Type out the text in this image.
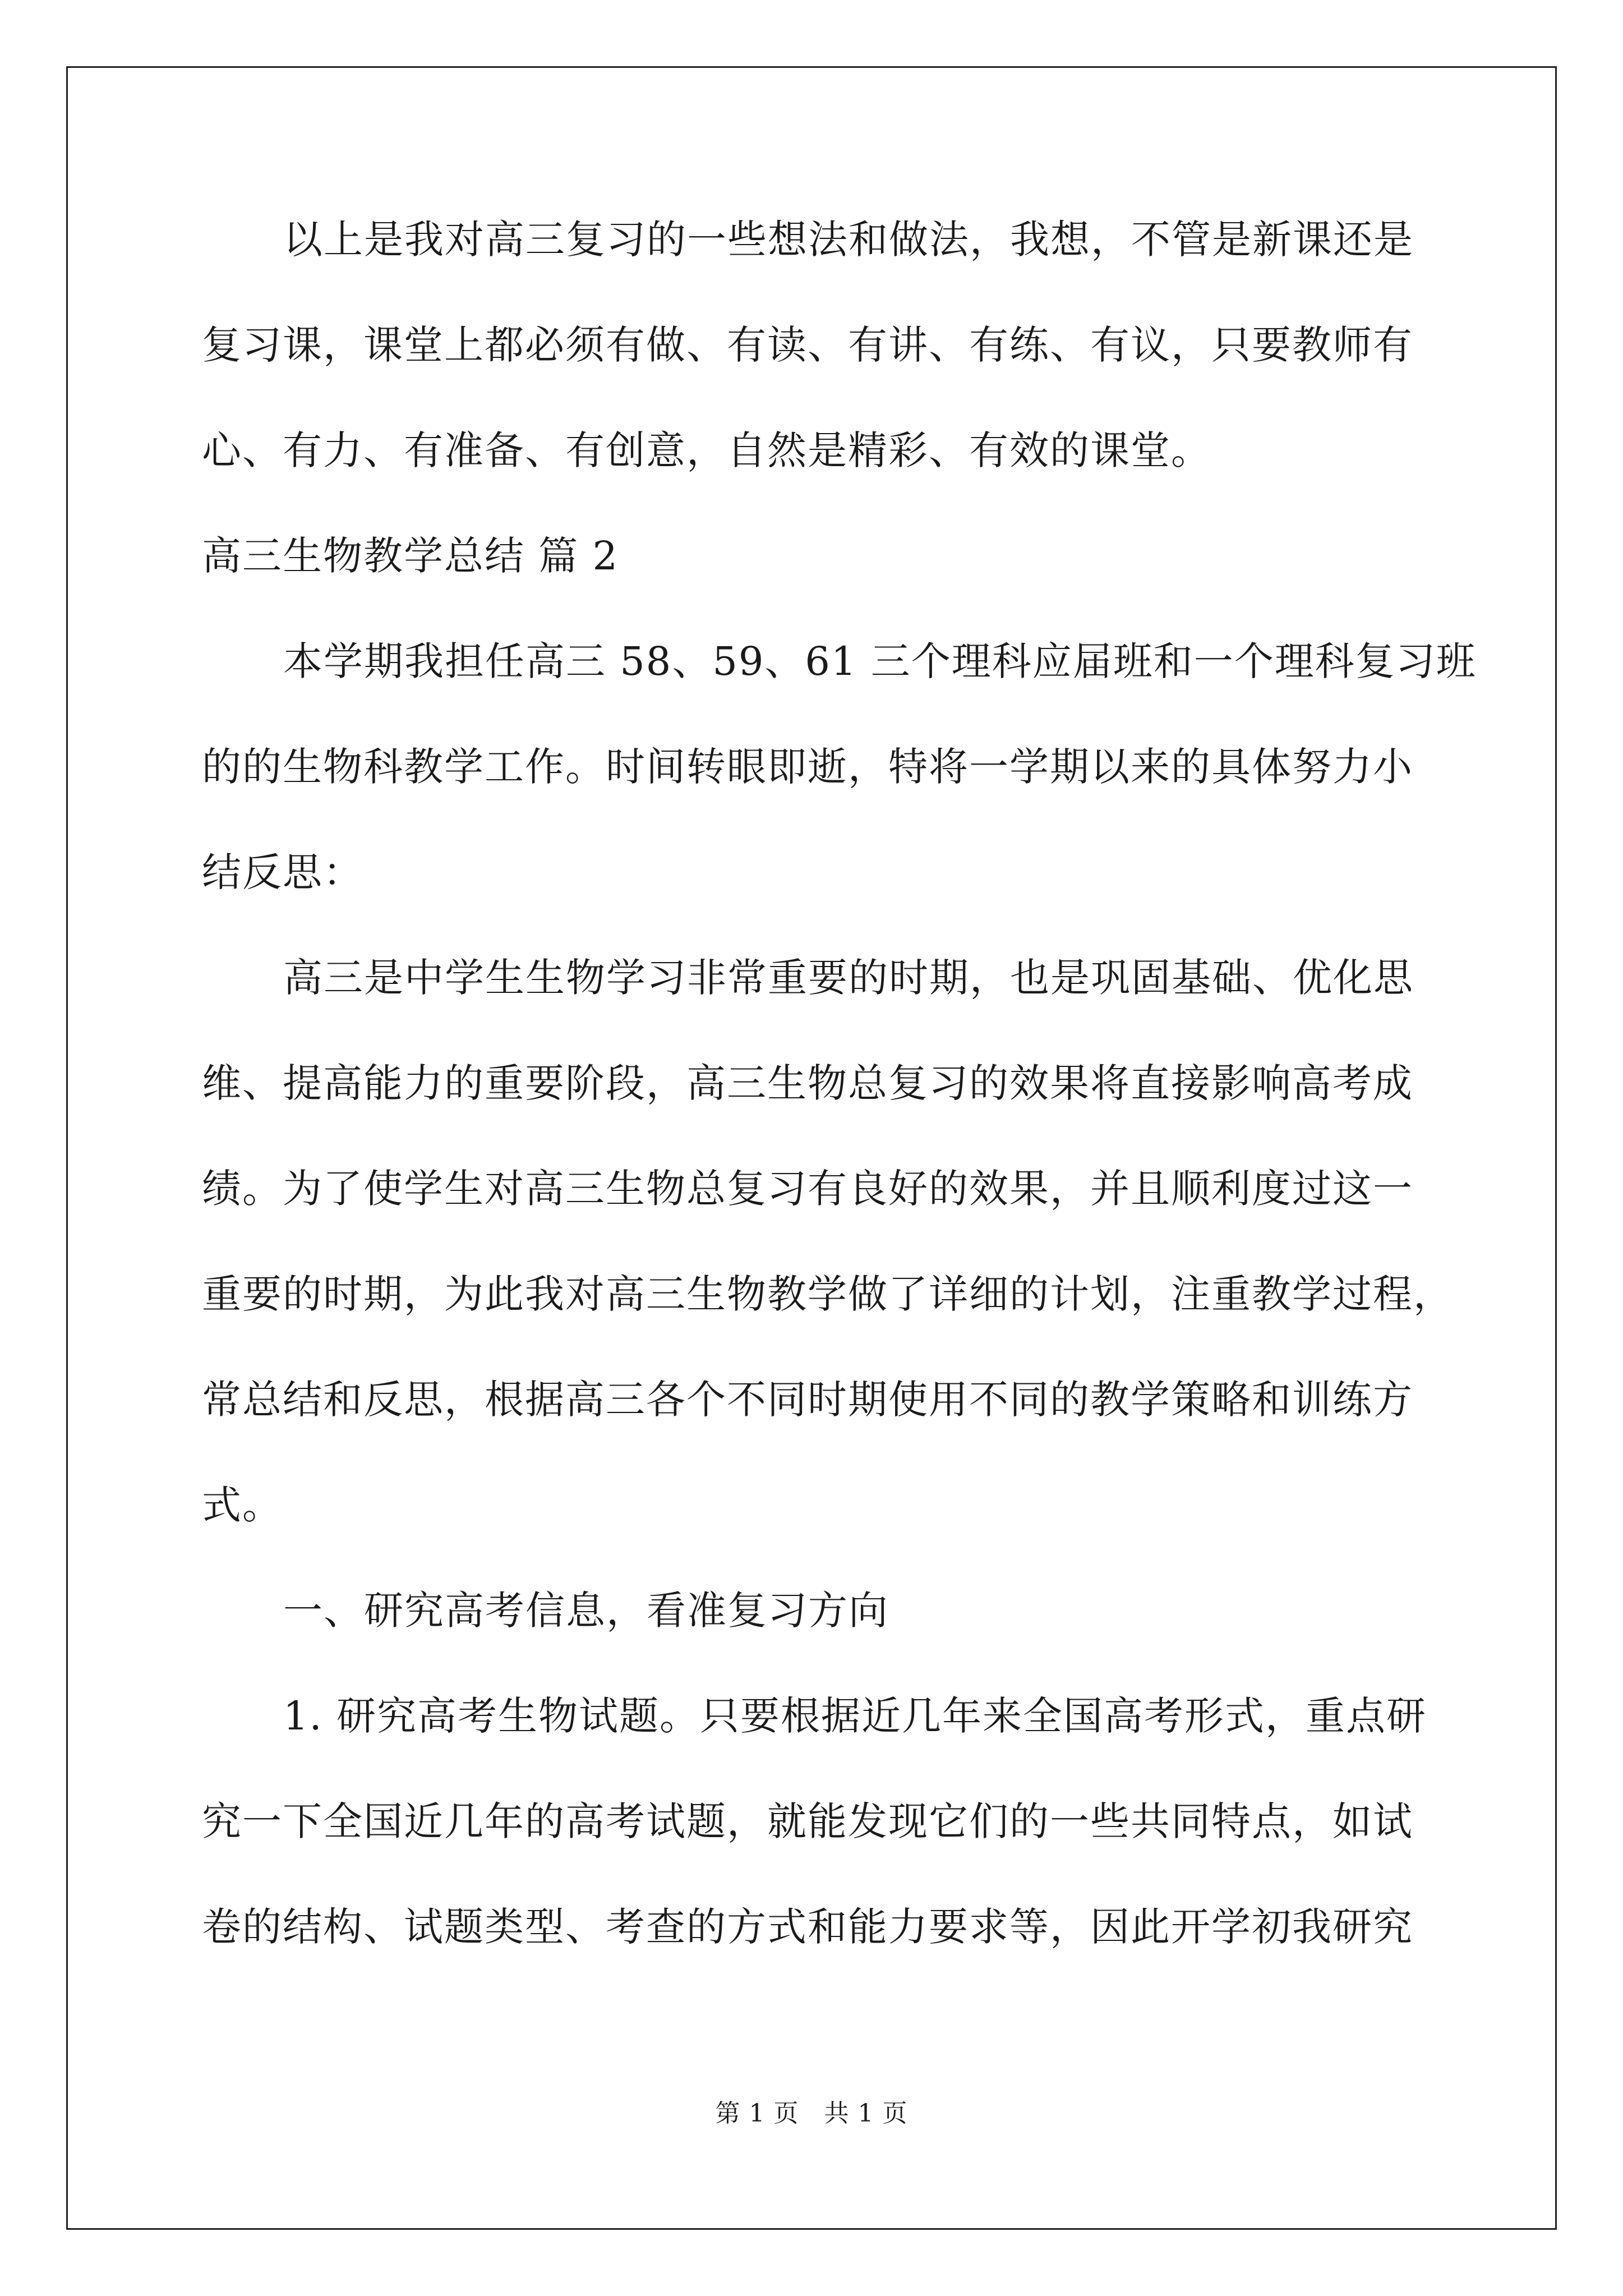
以上是我对高三复习的一些想法和做法，我想，不管是新课还是
复习课，课堂上都必须有做、有读、有讲、有练、有议，只要教师有
心、有力、有准备、有创意，自然是精彩、有效的课堂。
高三生物教学总结 篇 2
本学期我担任高三 58、59、61 三个理科应届班和一个理科复习班
的的生物科教学工作。时间转眼即逝，特将一学期以来的具体努力小
结反思：
高三是中学生生物学习非常重要的时期，也是巩固基础、优化思
维、提高能力的重要阶段，高三生物总复习的效果将直接影响高考成
绩。为了使学生对高三生物总复习有良好的效果，并且顺利度过这一
重要的时期，为此我对高三生物教学做了详细的计划，注重教学过程，
常总结和反思，根据高三各个不同时期使用不同的教学策略和训练方
式。
一、研究高考信息，看准复习方向
1. 研究高考生物试题。只要根据近几年来全国高考形式，重点研
究一下全国近几年的高考试题，就能发现它们的一些共同特点，如试
卷的结构、试题类型、考查的方式和能力要求等，因此开学初我研究
第 1 页　共 1 页
